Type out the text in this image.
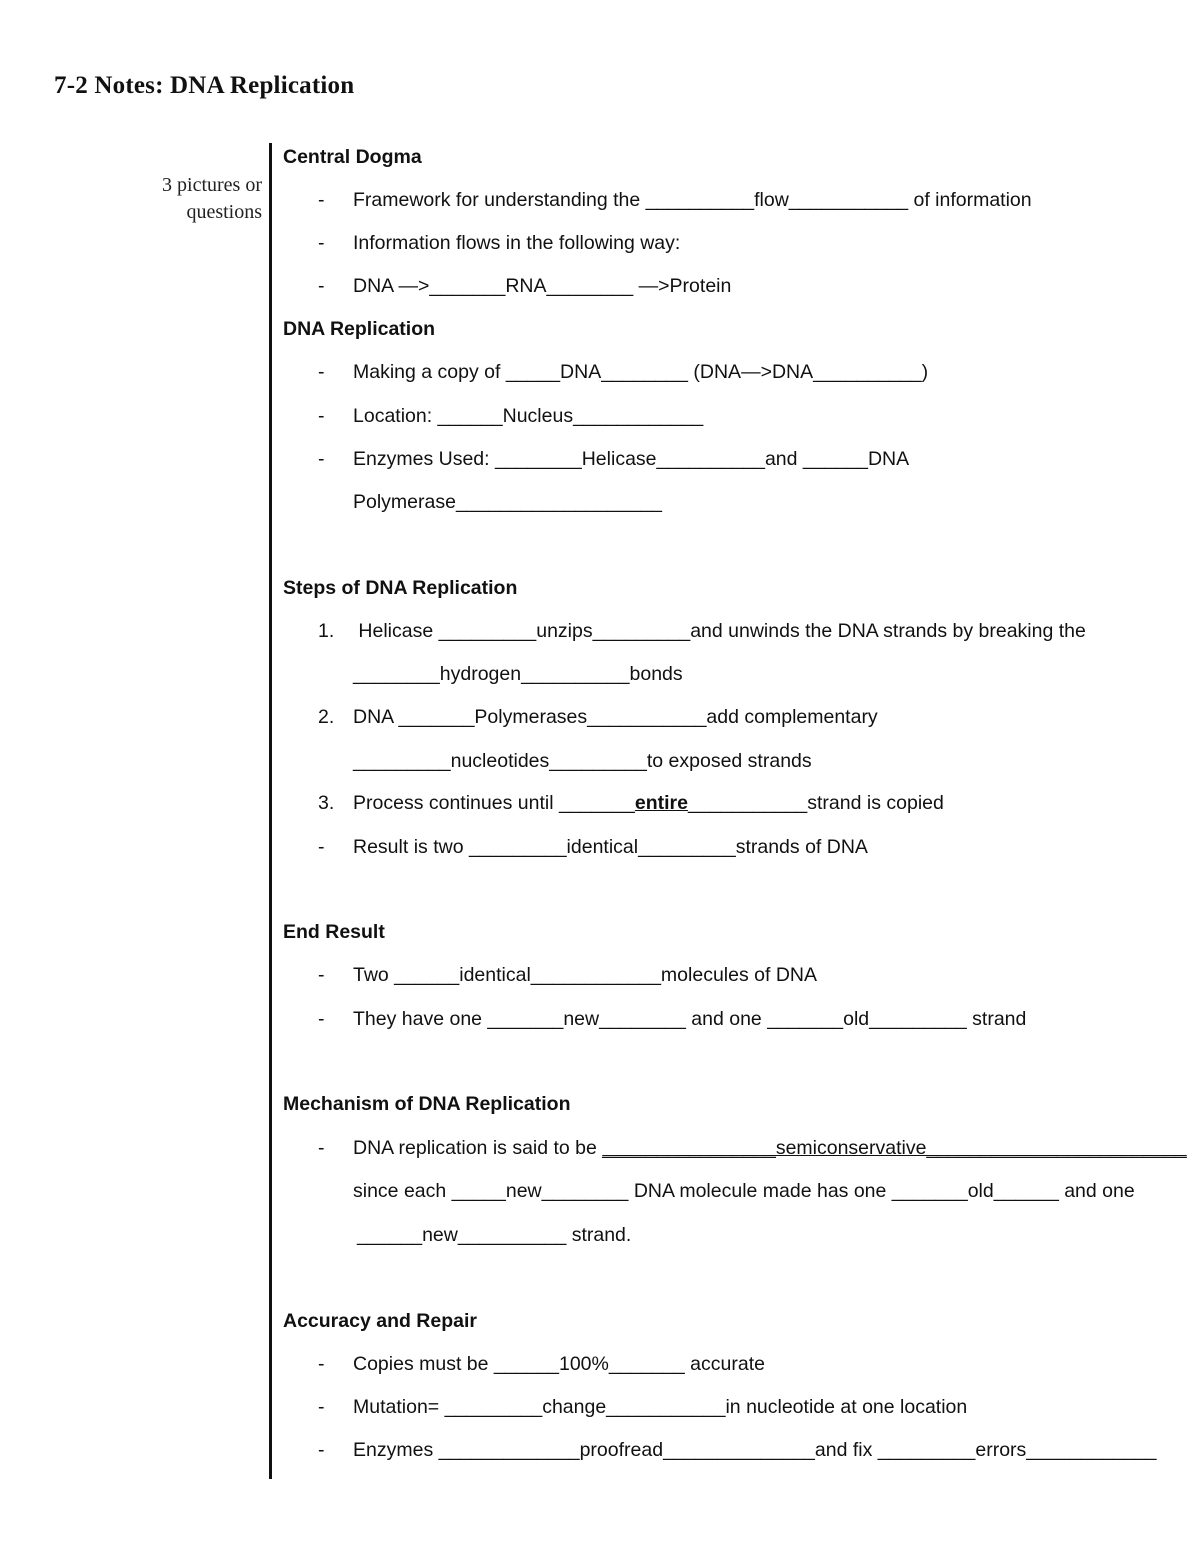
7-2 Notes: DNA Replication
3 pictures or
questions
Central Dogma
- Framework for understanding the __________flow___________ of information
- Information flows in the following way:
- DNA —>_______RNA________ —>Protein
DNA Replication
- Making a copy of _____DNA________ (DNA—>DNA__________)
- Location: ______Nucleus____________
- Enzymes Used: ________Helicase__________and ______DNA
Polymerase___________________
Steps of DNA Replication
1. Helicase _________unzips_________and unwinds the DNA strands by breaking the
________hydrogen__________bonds
2. DNA _______Polymerases___________add complementary
_________nucleotides_________to exposed strands
3. Process continues until _______entire___________strand is copied
- Result is two _________identical_________strands of DNA
End Result
- Two ______identical____________molecules of DNA
- They have one _______new________ and one _______old_________ strand
Mechanism of DNA Replication
- DNA replication is said to be ________________semiconservative________________________
since each _____new________ DNA molecule made has one _______old______ and one
______new__________ strand.
Accuracy and Repair
- Copies must be ______100%_______ accurate
- Mutation= _________change___________in nucleotide at one location
- Enzymes _____________proofread______________and fix _________errors____________
